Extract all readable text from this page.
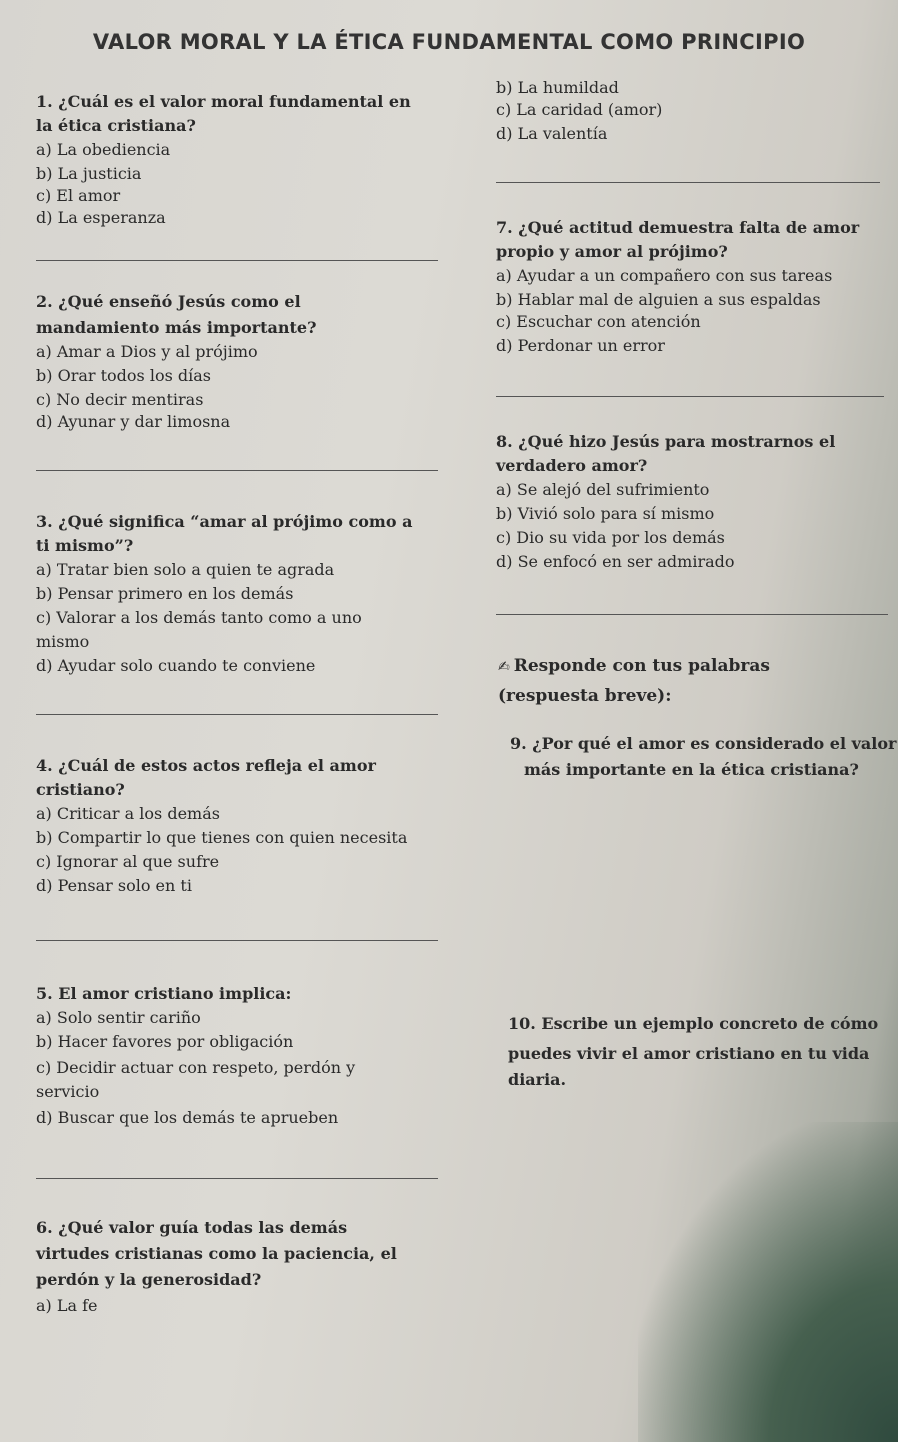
VALOR MORAL Y LA ÉTICA FUNDAMENTAL COMO PRINCIPIO
1. ¿Cuál es el valor moral fundamental en
la ética cristiana?
a) La obediencia
b) La justicia
c) El amor
d) La esperanza
2. ¿Qué enseñó Jesús como el
mandamiento más importante?
a) Amar a Dios y al prójimo
b) Orar todos los días
c) No decir mentiras
d) Ayunar y dar limosna
3. ¿Qué significa “amar al prójimo como a
ti mismo”?
a) Tratar bien solo a quien te agrada
b) Pensar primero en los demás
c) Valorar a los demás tanto como a uno
mismo
d) Ayudar solo cuando te conviene
4. ¿Cuál de estos actos refleja el amor
cristiano?
a) Criticar a los demás
b) Compartir lo que tienes con quien necesita
c) Ignorar al que sufre
d) Pensar solo en ti
5. El amor cristiano implica:
a) Solo sentir cariño
b) Hacer favores por obligación
c) Decidir actuar con respeto, perdón y
servicio
d) Buscar que los demás te aprueben
6. ¿Qué valor guía todas las demás
virtudes cristianas como la paciencia, el
perdón y la generosidad?
a) La fe
b) La humildad
c) La caridad (amor)
d) La valentía
7. ¿Qué actitud demuestra falta de amor
propio y amor al prójimo?
a) Ayudar a un compañero con sus tareas
b) Hablar mal de alguien a sus espaldas
c) Escuchar con atención
d) Perdonar un error
8. ¿Qué hizo Jesús para mostrarnos el
verdadero amor?
a) Se alejó del sufrimiento
b) Vivió solo para sí mismo
c) Dio su vida por los demás
d) Se enfocó en ser admirado
✍ Responde con tus palabras
(respuesta breve):
9. ¿Por qué el amor es considerado el valor
más importante en la ética cristiana?
10. Escribe un ejemplo concreto de cómo
puedes vivir el amor cristiano en tu vida
diaria.
